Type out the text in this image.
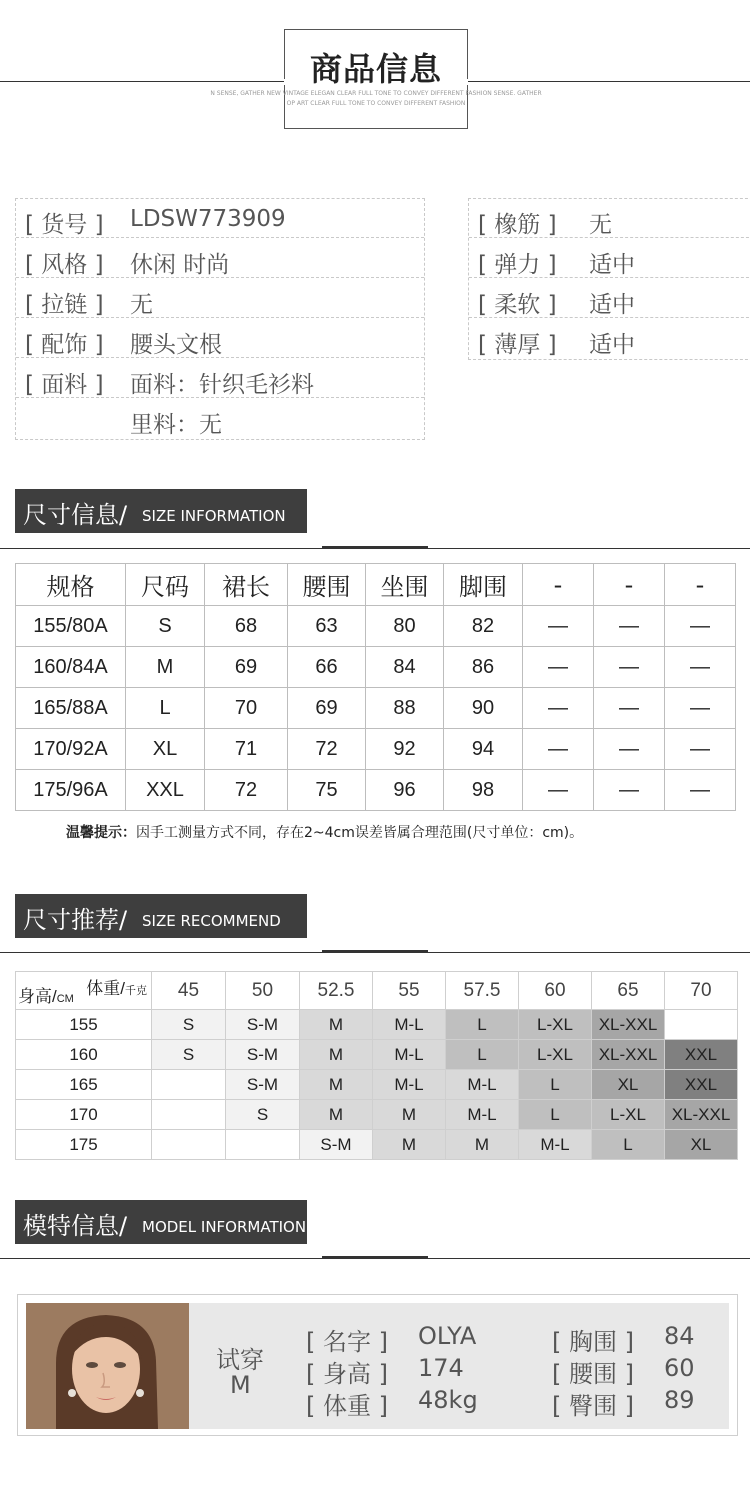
商品信息
N SENSE, GATHER NEW VINTAGE ELEGAN CLEAR FULL TONE TO CONVEY DIFFERENT FASHION SENSE. GATHER
OP ART CLEAR FULL TONE TO CONVEY DIFFERENT FASHION
[ 货号 ] LDSW773909
[ 风格 ] 休闲 时尚
[ 拉链 ] 无
[ 配饰 ] 腰头文根
[ 面料 ] 面料：针织毛衫料
里料：无
[ 橡筋 ] 无
[ 弹力 ] 适中
[ 柔软 ] 适中
[ 薄厚 ] 适中
尺寸信息/ SIZE INFORMATION
规格	尺码	裙长	腰围	坐围	脚围	-	-	-
155/80A	S	68	63	80	82	—	—	—
160/84A	M	69	66	84	86	—	—	—
165/88A	L	70	69	88	90	—	—	—
170/92A	XL	71	72	92	94	—	—	—
175/96A	XXL	72	75	96	98	—	—	—
温馨提示：因手工测量方式不同，存在2~4cm误差皆属合理范围(尺寸单位：cm)。
尺寸推荐/ SIZE RECOMMEND
体重/千克
身高/CM	45	50	52.5	55	57.5	60	65	70
155	S	S-M	M	M-L	L	L-XL	XL-XXL	
160	S	S-M	M	M-L	L	L-XL	XL-XXL	XXL
165		S-M	M	M-L	M-L	L	XL	XXL
170		S	M	M	M-L	L	L-XL	XL-XXL
175			S-M	M	M	M-L	L	XL
模特信息/ MODEL INFORMATION
试穿
M
[ 名字 ] OLYA
[ 身高 ] 174
[ 体重 ] 48kg
[ 胸围 ] 84
[ 腰围 ] 60
[ 臀围 ] 89
